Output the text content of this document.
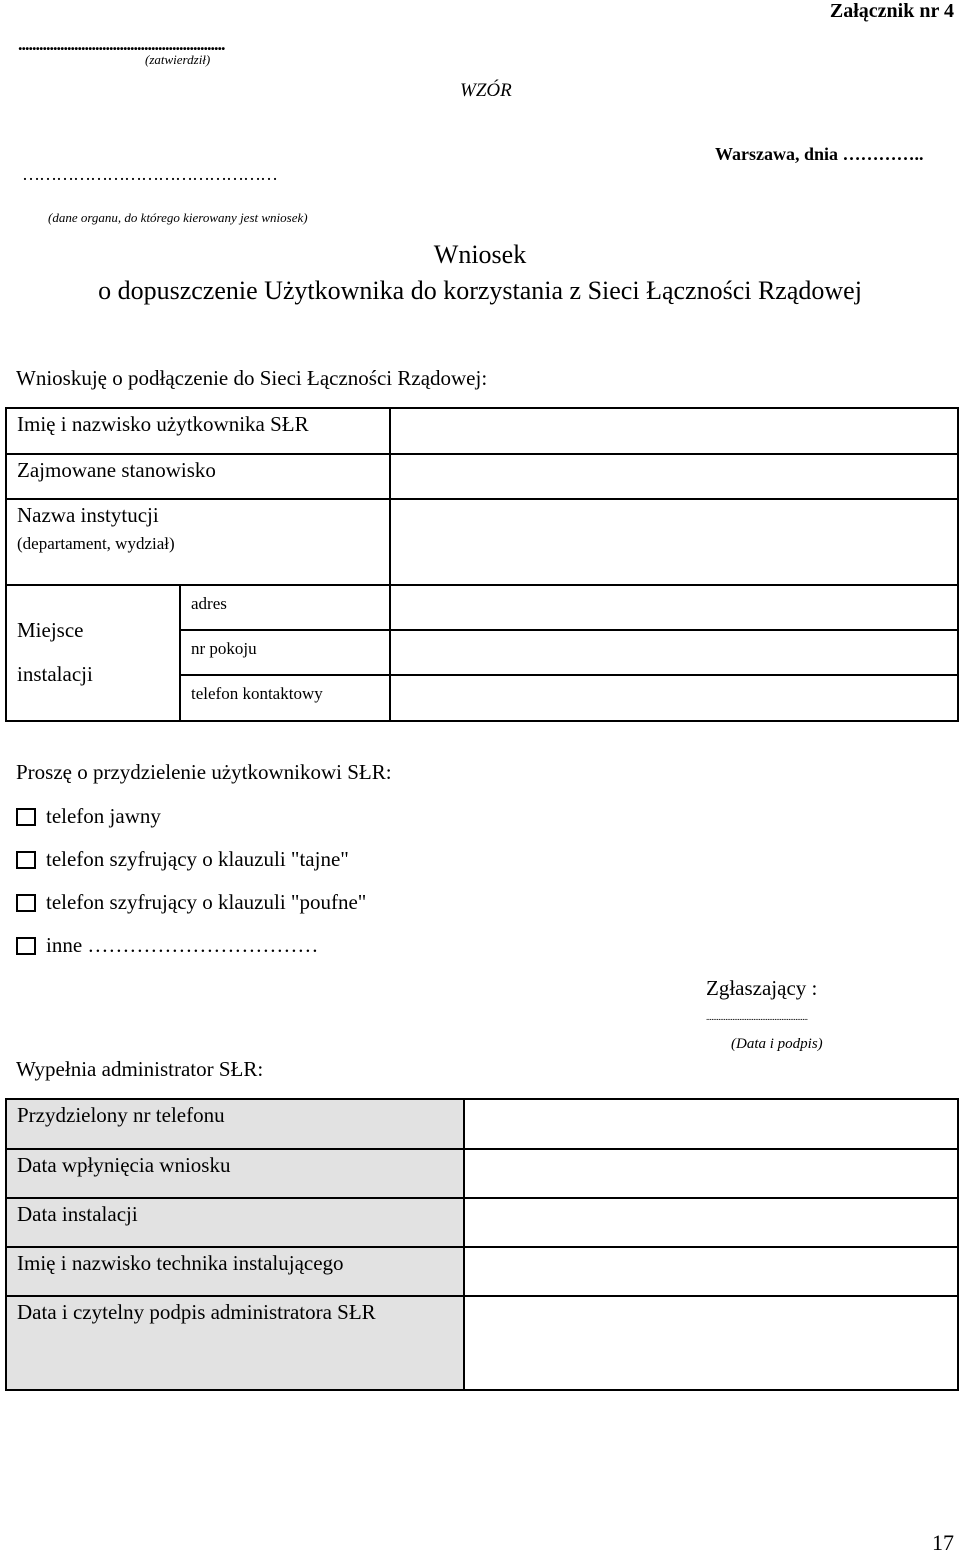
Załącznik nr 4
...........................................................
(zatwierdził)
WZÓR
Warszawa, dnia …………..
………………………………………
(dane organu, do którego kierowany jest wniosek)
Wniosek
o dopuszczenie Użytkownika do korzystania z Sieci Łączności Rządowej
Wnioskuję o podłączenie do Sieci Łączności Rządowej:
Imię i nazwisko użytkownika SŁR		
Zajmowane stanowisko		

Nazwa instytucji
(departament, wydział)		

Miejsce
instalacji	adres	
	nr pokoju	
	telefon kontaktowy	
Proszę o przydzielenie użytkownikowi SŁR:
telefon jawny
telefon szyfrujący o klauzuli "tajne"
telefon szyfrujący o klauzuli "poufne"
inne ……………………………
Zgłaszający :
..........................................................
(Data i podpis)
Wypełnia administrator SŁR:
Przydzielony nr telefonu	
Data wpłynięcia wniosku	
Data instalacji	
Imię i nazwisko technika instalującego	
Data i czytelny podpis administratora SŁR	
17
